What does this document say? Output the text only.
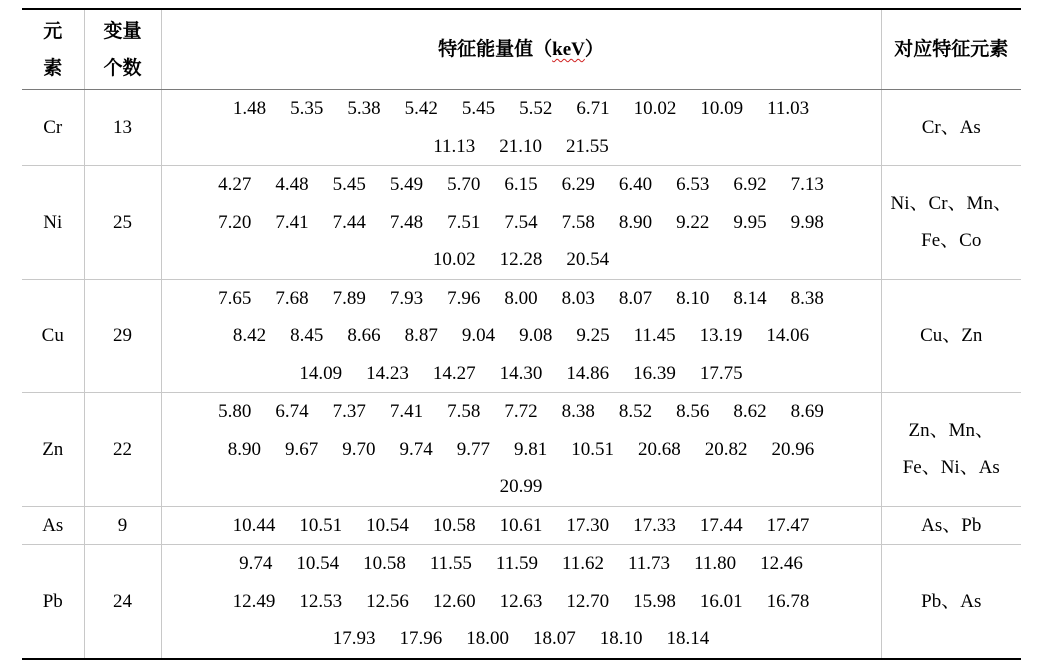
元素	变量个数	特征能量值（keV）	对应特征元素
Cr	13	1.48 5.35 5.38 5.42 5.45 5.52 6.71 10.02 10.09 11.03
11.13 21.10 21.55	Cr、As
Ni	25	4.27 4.48 5.45 5.49 5.70 6.15 6.29 6.40 6.53 6.92 7.13
7.20 7.41 7.44 7.48 7.51 7.54 7.58 8.90 9.22 9.95 9.98
10.02 12.28 20.54	Ni、Cr、Mn、Fe、Co
Cu	29	7.65 7.68 7.89 7.93 7.96 8.00 8.03 8.07 8.10 8.14 8.38
8.42 8.45 8.66 8.87 9.04 9.08 9.25 11.45 13.19 14.06
14.09 14.23 14.27 14.30 14.86 16.39 17.75	Cu、Zn
Zn	22	5.80 6.74 7.37 7.41 7.58 7.72 8.38 8.52 8.56 8.62 8.69
8.90 9.67 9.70 9.74 9.77 9.81 10.51 20.68 20.82 20.96
20.99	Zn、Mn、Fe、Ni、As
As	9	10.44 10.51 10.54 10.58 10.61 17.30 17.33 17.44 17.47	As、Pb
Pb	24	9.74 10.54 10.58 11.55 11.59 11.62 11.73 11.80 12.46
12.49 12.53 12.56 12.60 12.63 12.70 15.98 16.01 16.78
17.93 17.96 18.00 18.07 18.10 18.14	Pb、As
